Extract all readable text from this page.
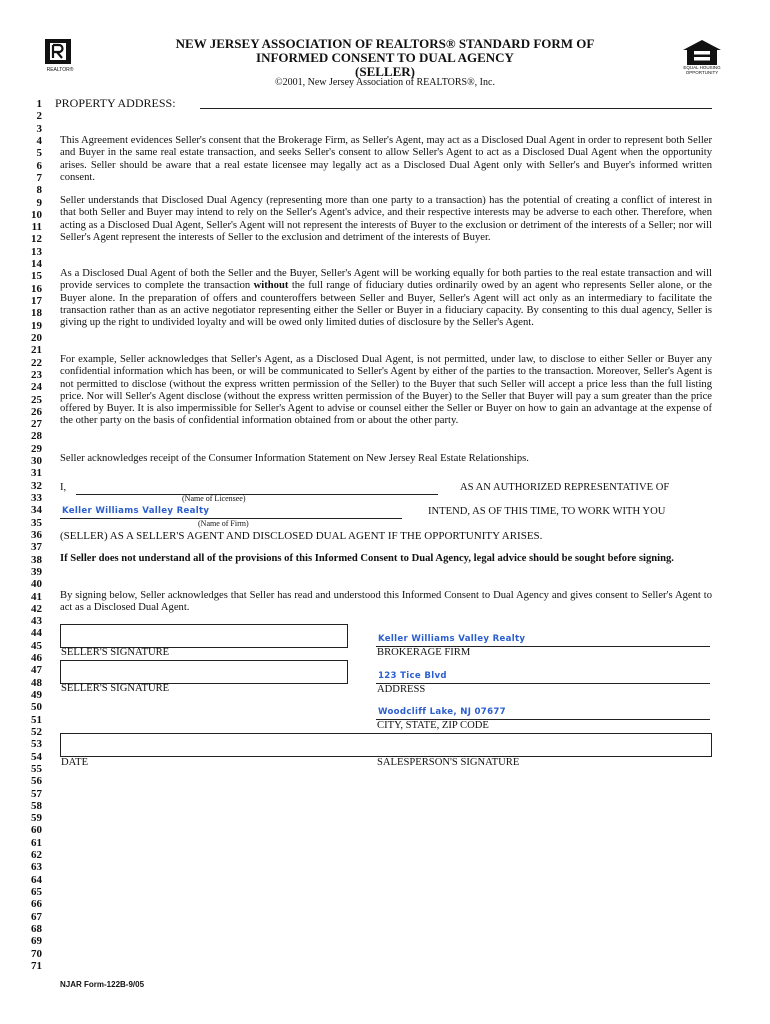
REALTOR®	EQUAL HOUSING OPPORTUNITY
NEW JERSEY ASSOCIATION OF REALTORS® STANDARD FORM OF
INFORMED CONSENT TO DUAL AGENCY
(SELLER)
©2001, New Jersey Association of REALTORS®, Inc.
1
2
3
4
5
6
7
8
9
10
11
12
13
14
15
16
17
18
19
20
21
22
23
24
25
26
27
28
29
30
31
32
33
34
35
36
37
38
39
40
41
42
43
44
45
46
47
48
49
50
51
52
53
54
55
56
57
58
59
60
61
62
63
64
65
66
67
68
69
70
71
PROPERTY ADDRESS:
This Agreement evidences Seller's consent that the Brokerage Firm, as Seller's Agent, may act as a Disclosed Dual Agent in order to represent both Seller and Buyer in the same real estate transaction, and seeks Seller's consent to allow Seller's Agent to act as a Disclosed Dual Agent when the opportunity arises. Seller should be aware that a real estate licensee may legally act as a Disclosed Dual Agent only with Seller's and Buyer's informed written consent.
Seller understands that Disclosed Dual Agency (representing more than one party to a transaction) has the potential of creating a conflict of interest in that both Seller and Buyer may intend to rely on the Seller's Agent's advice, and their respective interests may be adverse to each other. Therefore, when acting as a Disclosed Dual Agent, Seller's Agent will not represent the interests of Buyer to the exclusion or detriment of the interests of a Seller; nor will Seller's Agent represent the interests of Seller to the exclusion and detriment of the interests of Buyer.
As a Disclosed Dual Agent of both the Seller and the Buyer, Seller's Agent will be working equally for both parties to the real estate transaction and will provide services to complete the transaction without the full range of fiduciary duties ordinarily owed by an agent who represents Seller alone, or the Buyer alone. In the preparation of offers and counteroffers between Seller and Buyer, Seller's Agent will act only as an intermediary to facilitate the transaction rather than as an active negotiator representing either the Seller or Buyer in a fiduciary capacity. By consenting to this dual agency, Seller is giving up the right to undivided loyalty and will be owed only limited duties of disclosure by the Seller's Agent.
For example, Seller acknowledges that Seller's Agent, as a Disclosed Dual Agent, is not permitted, under law, to disclose to either Seller or Buyer any confidential information which has been, or will be communicated to Seller's Agent by either of the parties to the transaction. Moreover, Seller's Agent is not permitted to disclose (without the express written permission of the Seller) to the Buyer that such Seller will accept a price less than the full listing price. Nor will Seller's Agent disclose (without the express written permission of the Buyer) to the Seller that Buyer will pay a sum greater than the price offered by Buyer. It is also impermissible for Seller's Agent to advise or counsel either the Seller or Buyer on how to gain an advantage at the expense of the other party on the basis of confidential information obtained from or about the other party.
Seller acknowledges receipt of the Consumer Information Statement on New Jersey Real Estate Relationships.
I,	AS AN AUTHORIZED REPRESENTATIVE OF
(Name of Licensee)
Keller Williams Valley Realty	INTEND, AS OF THIS TIME, TO WORK WITH YOU
(Name of Firm)
(SELLER) AS A SELLER'S AGENT AND DISCLOSED DUAL AGENT IF THE OPPORTUNITY ARISES.
If Seller does not understand all of the provisions of this Informed Consent to Dual Agency, legal advice should be sought before signing.
By signing below, Seller acknowledges that Seller has read and understood this Informed Consent to Dual Agency and gives consent to Seller's Agent to act as a Disclosed Dual Agent.
SELLER'S SIGNATURE
SELLER'S SIGNATURE
Keller Williams Valley Realty
BROKERAGE FIRM
123 Tice Blvd
ADDRESS
Woodcliff Lake, NJ 07677
CITY, STATE, ZIP CODE
DATE	SALESPERSON'S SIGNATURE
NJAR Form-122B-9/05
